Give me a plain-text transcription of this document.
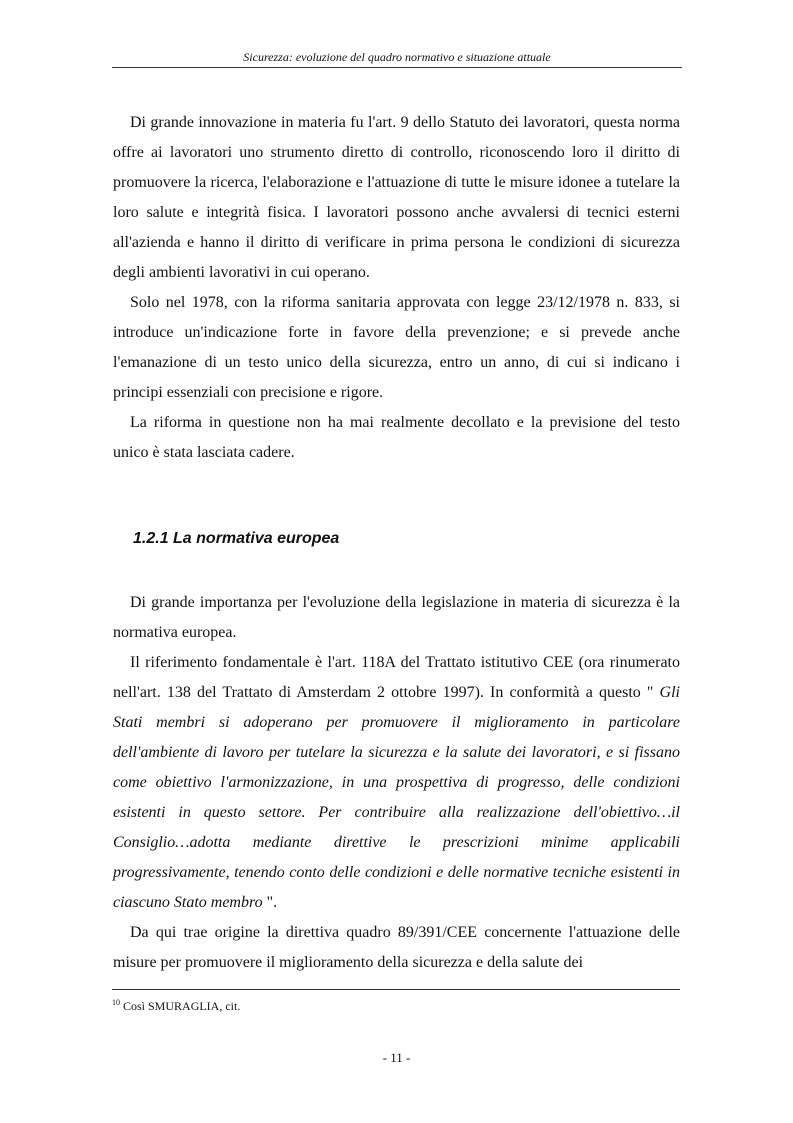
Sicurezza: evoluzione del quadro normativo e situazione attuale

Di grande innovazione in materia fu l'art. 9 dello Statuto dei lavoratori, questa norma offre ai lavoratori uno strumento diretto di controllo, riconoscendo loro il diritto di promuovere la ricerca, l'elaborazione e l'attuazione di tutte le misure idonee a tutelare la loro salute e integrità fisica. I lavoratori possono anche avvalersi di tecnici esterni all'azienda e hanno il diritto di verificare in prima persona le condizioni di sicurezza degli ambienti lavorativi in cui operano.

Solo nel 1978, con la riforma sanitaria approvata con legge 23/12/1978 n. 833, si introduce un'indicazione forte in favore della prevenzione; e si prevede anche l'emanazione di un testo unico della sicurezza, entro un anno, di cui si indicano i principi essenziali con precisione e rigore.

La riforma in questione non ha mai realmente decollato e la previsione del testo unico è stata lasciata cadere.

1.2.1 La normativa europea

Di grande importanza per l'evoluzione della legislazione in materia di sicurezza è la normativa europea.

Il riferimento fondamentale è l'art. 118A del Trattato istitutivo CEE (ora rinumerato nell'art. 138 del Trattato di Amsterdam 2 ottobre 1997). In conformità a questo " Gli Stati membri si adoperano per promuovere il miglioramento in particolare dell'ambiente di lavoro per tutelare la sicurezza e la salute dei lavoratori, e si fissano come obiettivo l'armonizzazione, in una prospettiva di progresso, delle condizioni esistenti in questo settore. Per contribuire alla realizzazione dell'obiettivo…il Consiglio…adotta mediante direttive le prescrizioni minime applicabili progressivamente, tenendo conto delle condizioni e delle normative tecniche esistenti in ciascuno Stato membro ".

Da qui trae origine la direttiva quadro 89/391/CEE concernente l'attuazione delle misure per promuovere il miglioramento della sicurezza e della salute dei

$^{10}$ Così SMURAGLIA, cit.
- 11 -
